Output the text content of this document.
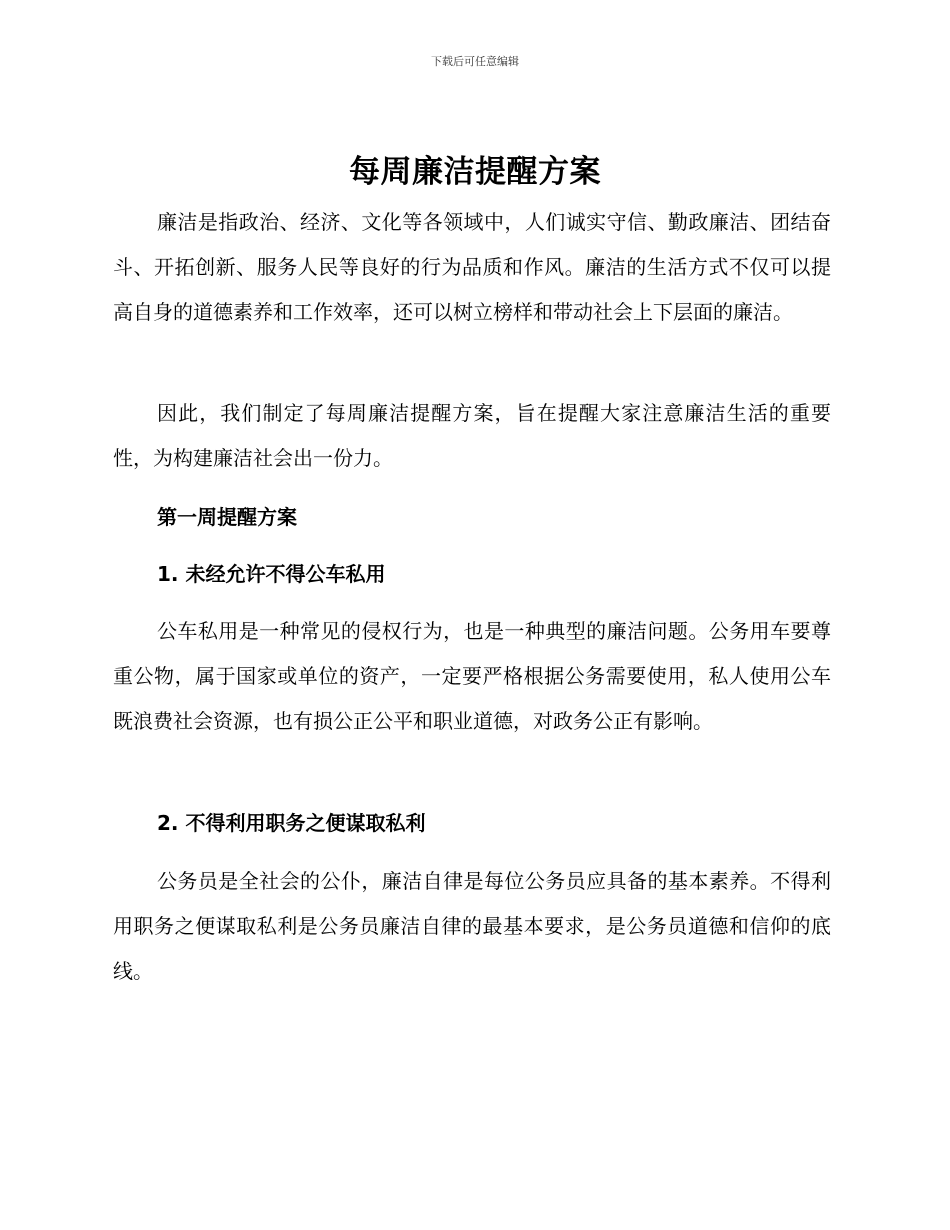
下载后可任意编辑
每周廉洁提醒方案

廉洁是指政治、经济、文化等各领域中，人们诚实守信、勤政廉洁、团结奋斗、开拓创新、服务人民等良好的行为品质和作风。廉洁的生活方式不仅可以提高自身的道德素养和工作效率，还可以树立榜样和带动社会上下层面的廉洁。

因此，我们制定了每周廉洁提醒方案，旨在提醒大家注意廉洁生活的重要性，为构建廉洁社会出一份力。

第一周提醒方案
1. 未经允许不得公车私用

公车私用是一种常见的侵权行为，也是一种典型的廉洁问题。公务用车要尊重公物，属于国家或单位的资产，一定要严格根据公务需要使用，私人使用公车既浪费社会资源，也有损公正公平和职业道德，对政务公正有影响。

2. 不得利用职务之便谋取私利

公务员是全社会的公仆，廉洁自律是每位公务员应具备的基本素养。不得利用职务之便谋取私利是公务员廉洁自律的最基本要求，是公务员道德和信仰的底线。
